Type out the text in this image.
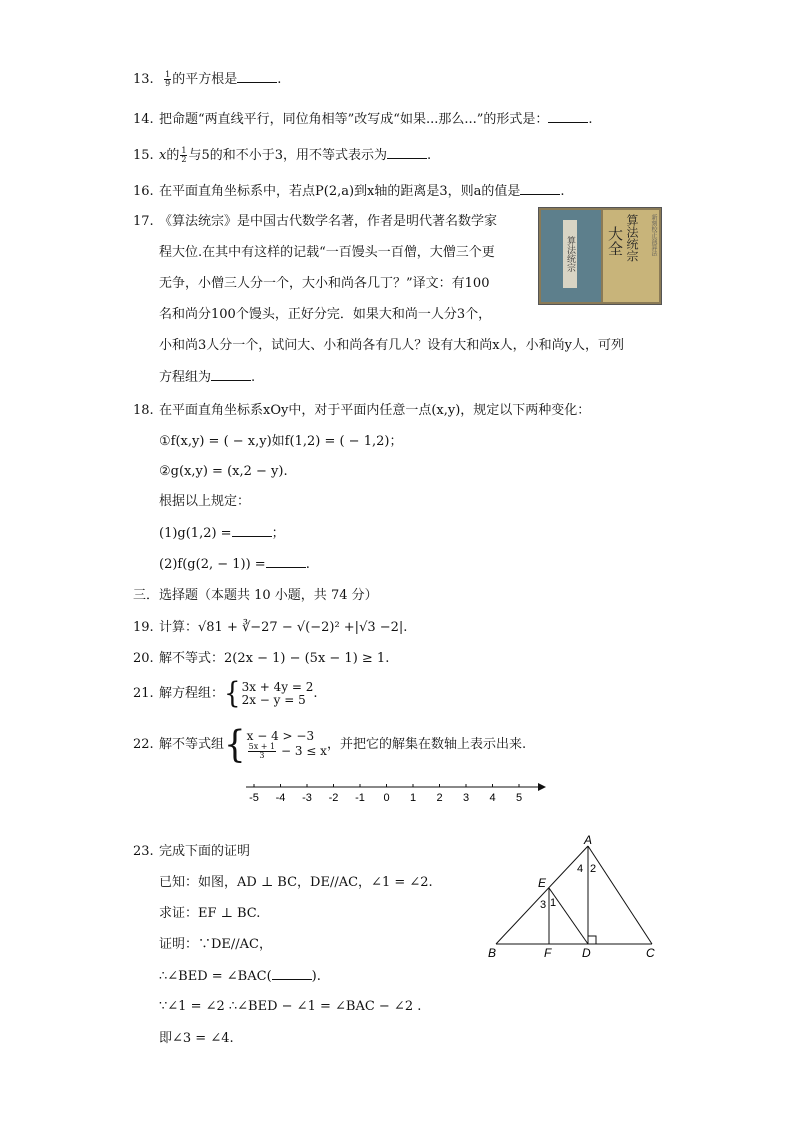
13. $\frac{1}{9}$ 的平方根是	.
14. 把命题“两直线平行，同位角相等”改写成“如果...那么...”的形式是：	.
15. x的 $\frac{1}{2}$ 与5的和不小于3，用不等式表示为	.
16. 在平面直角坐标系中，若点P(2,a)到x轴的距离是3，则a的值是	.
17. 《算法统宗》是中国古代数学名著，作者是明代著名数学家
程大位.在其中有这样的记载“一百馒头一百僧，大僧三个更
无争，小僧三人分一个，大小和尚各几丁？”译文：有100
名和尚分100个馒头，正好分完．如果大和尚一人分3个，
小和尚3人分一个，试问大、小和尚各有几人？设有大和尚x人，小和尚y人，可列
方程组为	.
算法统宗 大全 算法统宗	新刻校正演算法
18. 在平面直角坐标系xOy中，对于平面内任意一点(x,y)，规定以下两种变化：
①f(x,y) = ( − x,y)如f(1,2) = ( − 1,2)；
②g(x,y) = (x,2 − y).
根据以上规定：
(1)g(1,2) =	；
(2)f(g(2, − 1)) =	.
三．选择题（本题共 10 小题，共 74 分）
19. 计算：√81 + ∛−27 − √(−2)² +|√3 −2|.
20. 解不等式：2(2x − 1) − (5x − 1) ≥ 1.
21. 解方程组： { 3x + 4y = 2
2x − y = 5 .
22. 解不等式组 { x − 4 > −3
$\frac{5x + 1}{3} - 3 \le x$ ，并把它的解集在数轴上表示出来.
-5 -4 -3 -2 -1 0 1 2 3 4 5
23. 完成下面的证明
已知：如图，AD ⊥ BC，DE//AC，∠1 = ∠2.
求证：EF ⊥ BC.
证明：∵DE//AC，
∴∠BED = ∠BAC(	).
∵∠1 = ∠2 ∴∠BED − ∠1 = ∠BAC − ∠2 .
即∠3 = ∠4.
A
B	C
D
E
F
1
2
3
4
